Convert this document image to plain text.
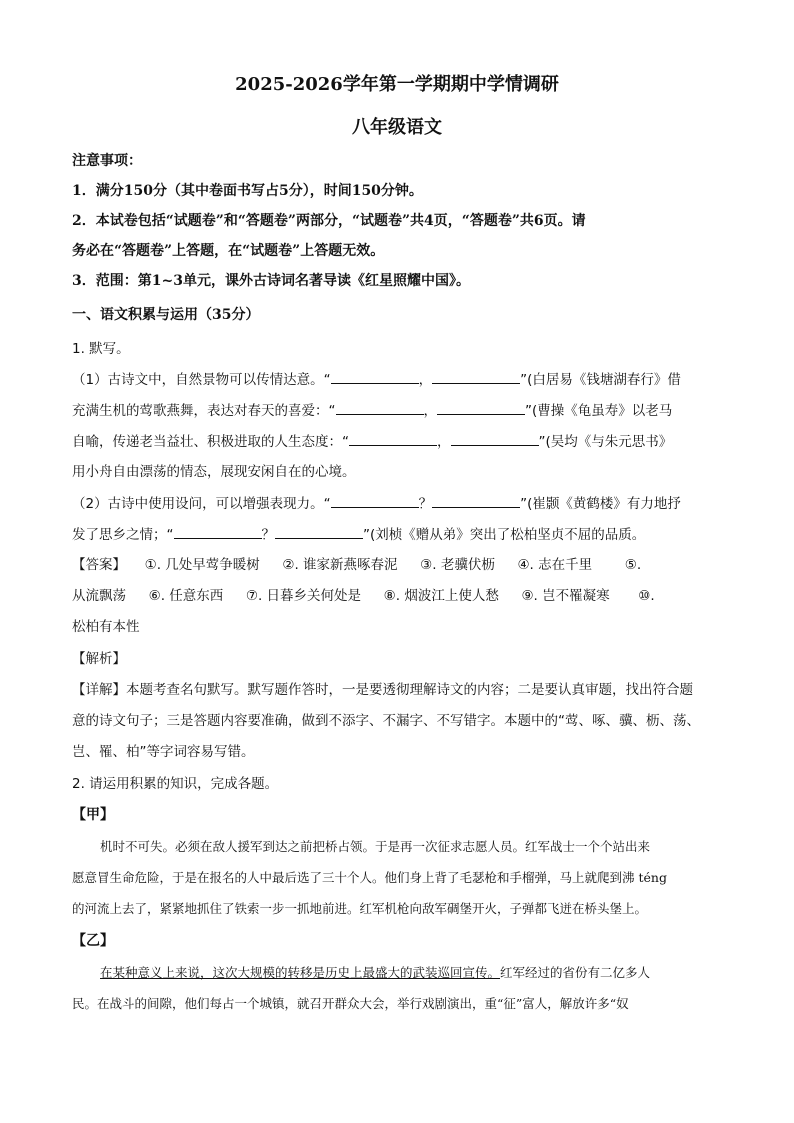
2025-2026学年第一学期期中学情调研
八年级语文
注意事项：
1．满分150分（其中卷面书写占5分），时间150分钟。
2．本试卷包括“试题卷”和“答题卷”两部分，“试题卷”共4页，“答题卷”共6页。请
务必在“答题卷”上答题，在“试题卷”上答题无效。
3．范围：第1~3单元，课外古诗词名著导读《红星照耀中国》。
一、语文积累与运用（35分）
1. 默写。
（1）古诗文中，自然景物可以传情达意。“	，	”(白居易《钱塘湖春行》借
充满生机的莺歌燕舞，表达对春天的喜爱：“	，	”(曹操《龟虽寿》以老马
自喻，传递老当益壮、积极进取的人生态度：“	，	”(吴均《与朱元思书》
用小舟自由漂荡的情态，展现安闲自在的心境。
（2）古诗中使用设问，可以增强表现力。“	？	”(崔颢《黄鹤楼》有力地抒
发了思乡之情；“	？	”(刘桢《赠从弟》突出了松柏坚贞不屈的品质。
【答案】 ①. 几处早莺争暖树 ②. 谁家新燕啄春泥 ③. 老骥伏枥 ④. 志在千里 ⑤.
从流飘荡 ⑥. 任意东西 ⑦. 日暮乡关何处是 ⑧. 烟波江上使人愁 ⑨. 岂不罹凝寒 ⑩.
松柏有本性
【解析】
【详解】本题考查名句默写。默写题作答时，一是要透彻理解诗文的内容；二是要认真审题，找出符合题
意的诗文句子；三是答题内容要准确，做到不添字、不漏字、不写错字。本题中的“莺、啄、骥、枥、荡、
岂、罹、柏”等字词容易写错。
2. 请运用积累的知识，完成各题。
【甲】
机时不可失。必须在敌人援军到达之前把桥占领。于是再一次征求志愿人员。红军战士一个个站出来
愿意冒生命危险，于是在报名的人中最后选了三十个人。他们身上背了毛瑟枪和手榴弹，马上就爬到沸 téng
的河流上去了，紧紧地抓住了铁索一步一抓地前进。红军机枪向敌军碉堡开火，子弹都飞迸在桥头堡上。
【乙】
在某种意义上来说，这次大规模的转移是历史上最盛大的武装巡回宣传。红军经过的省份有二亿多人
民。在战斗的间隙，他们每占一个城镇，就召开群众大会，举行戏剧演出，重“征”富人，解放许多“奴
